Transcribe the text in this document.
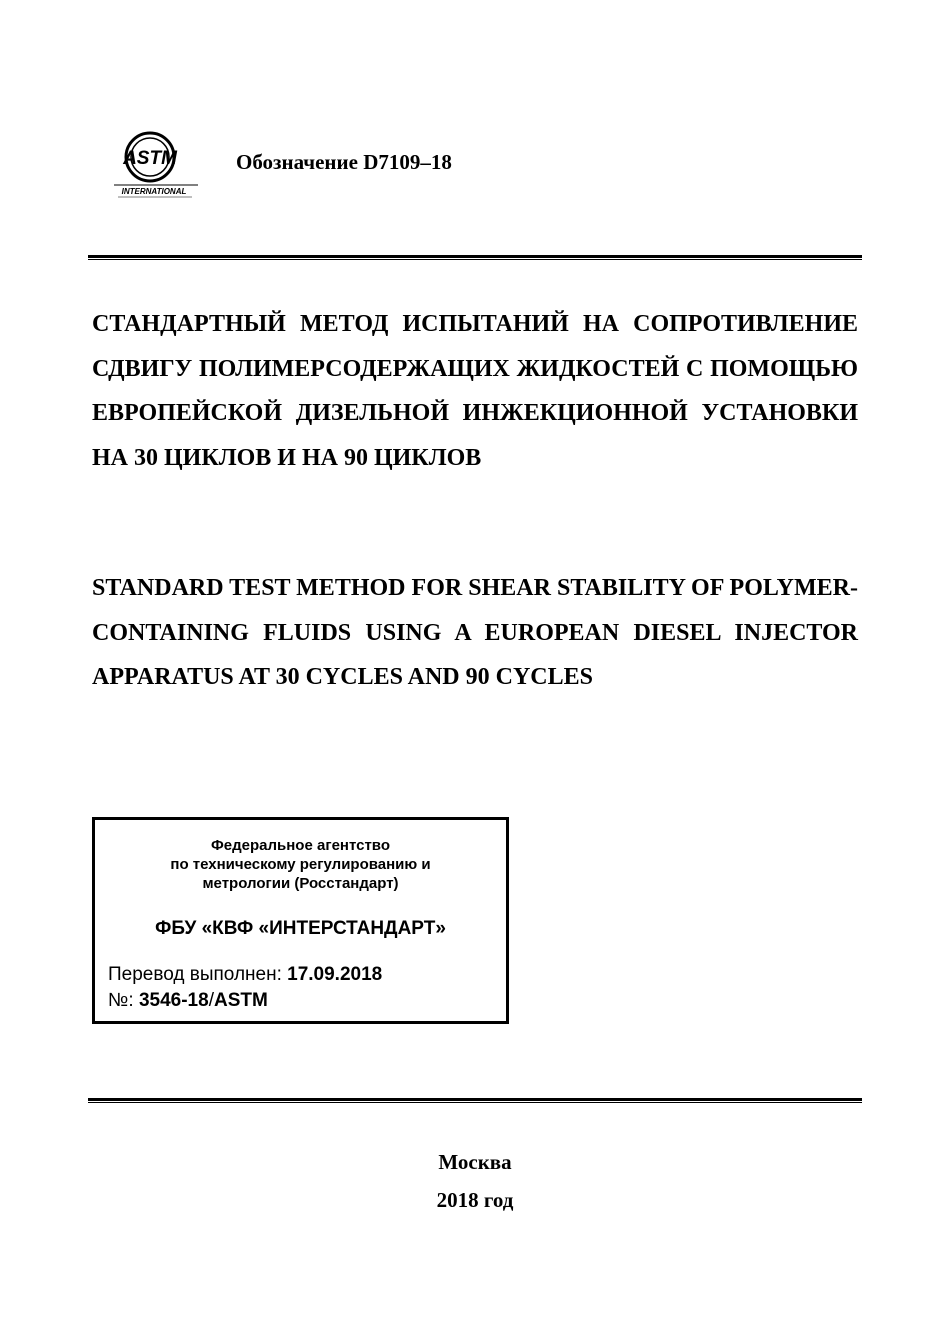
ASTM
INTERNATIONAL
Обозначение D7109–18
СТАНДАРТНЫЙ МЕТОД ИСПЫТАНИЙ НА СОПРОТИВЛЕНИЕ СДВИГУ ПОЛИМЕРСОДЕРЖАЩИХ ЖИДКОСТЕЙ С ПОМОЩЬЮ ЕВРОПЕЙСКОЙ ДИЗЕЛЬНОЙ ИНЖЕКЦИОННОЙ УСТАНОВКИ НА 30 ЦИКЛОВ И НА 90 ЦИКЛОВ
STANDARD TEST METHOD FOR SHEAR STABILITY OF POLYMER-CONTAINING FLUIDS USING A EUROPEAN DIESEL INJECTOR APPARATUS AT 30 CYCLES AND 90 CYCLES
Федеральное агентство
по техническому регулированию и
метрологии (Росстандарт)
ФБУ «КВФ «ИНТЕРСТАНДАРТ»
Перевод выполнен: 17.09.2018
№: 3546-18/ASTM
Москва
2018 год
